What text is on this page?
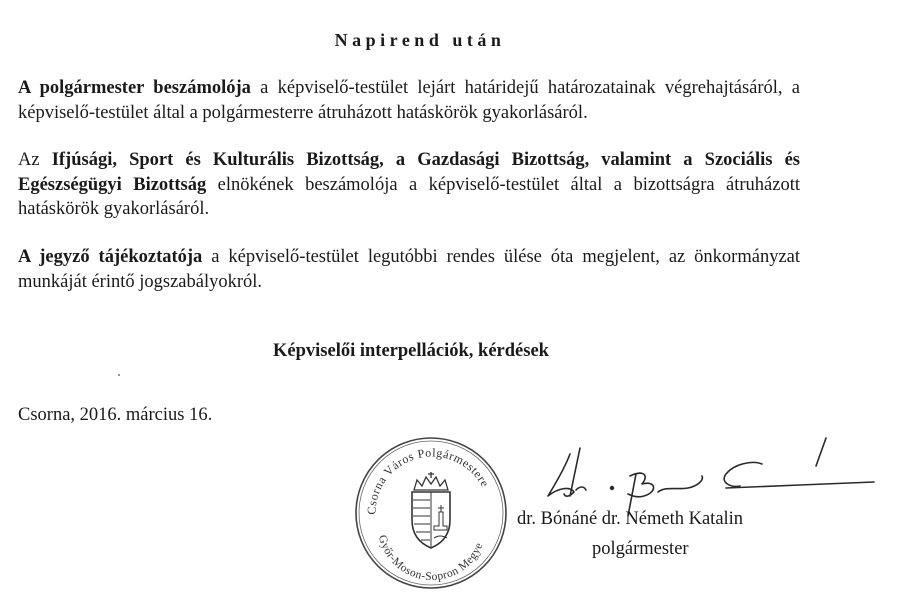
Napirend után

A polgármester beszámolója a képviselő-testület lejárt határidejű határozatainak végrehajtásáról, a képviselő-testület által a polgármesterre átruházott hatáskörök gyakorlásáról.

Az Ifjúsági, Sport és Kulturális Bizottság, a Gazdasági Bizottság, valamint a Szociális és Egészségügyi Bizottság elnökének beszámolója a képviselő-testület által a bizottságra átruházott hatáskörök gyakorlásáról.

A jegyző tájékoztatója a képviselő-testület legutóbbi rendes ülése óta megjelent, az önkormányzat munkáját érintő jogszabályokról.

Képviselői interpellációk, kérdések
Csorna, 2016. március 16.
Csorna Város Polgármestere
Győr-Moson-Sopron Megye
dr. Bónáné dr. Németh Katalin
polgármester
